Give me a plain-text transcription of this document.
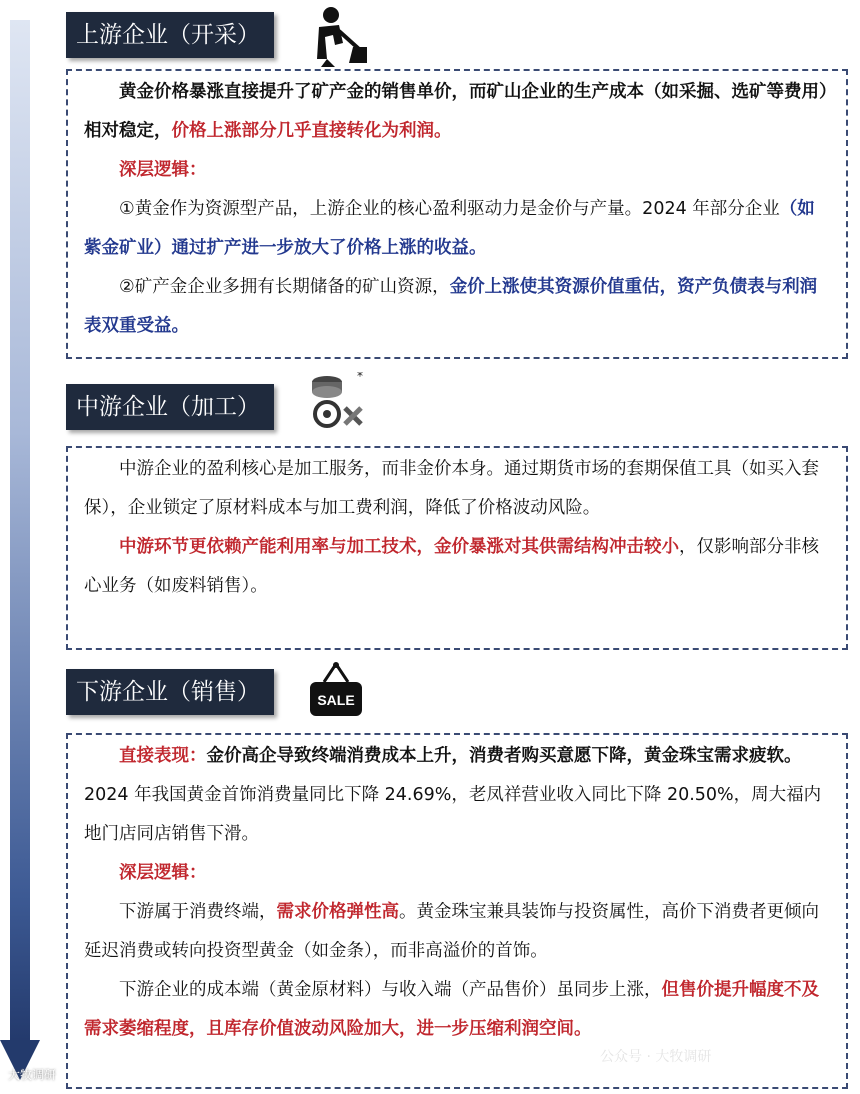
上游企业（开采）

黄金价格暴涨直接提升了矿产金的销售单价，而矿山企业的生产成本（如采掘、选矿等费用）相对稳定，价格上涨部分几乎直接转化为利润。

深层逻辑：

①黄金作为资源型产品，上游企业的核心盈利驱动力是金价与产量。2024 年部分企业（如紫金矿业）通过扩产进一步放大了价格上涨的收益。

②矿产金企业多拥有长期储备的矿山资源，金价上涨使其资源价值重估，资产负债表与利润表双重受益。

中游企业（加工）
*

中游企业的盈利核心是加工服务，而非金价本身。通过期货市场的套期保值工具（如买入套保），企业锁定了原材料成本与加工费利润，降低了价格波动风险。

中游环节更依赖产能利用率与加工技术，金价暴涨对其供需结构冲击较小，仅影响部分非核心业务（如废料销售）。

下游企业（销售）	SALE

直接表现：金价高企导致终端消费成本上升，消费者购买意愿下降，黄金珠宝需求疲软。2024 年我国黄金首饰消费量同比下降 24.69%，老凤祥营业收入同比下降 20.50%，周大福内地门店同店销售下滑。

深层逻辑：

下游属于消费终端，需求价格弹性高。黄金珠宝兼具装饰与投资属性，高价下消费者更倾向延迟消费或转向投资型黄金（如金条），而非高溢价的首饰。

下游企业的成本端（黄金原材料）与收入端（产品售价）虽同步上涨，但售价提升幅度不及需求萎缩程度，且库存价值波动风险加大，进一步压缩利润空间。

大牧调研
公众号 · 大牧调研
